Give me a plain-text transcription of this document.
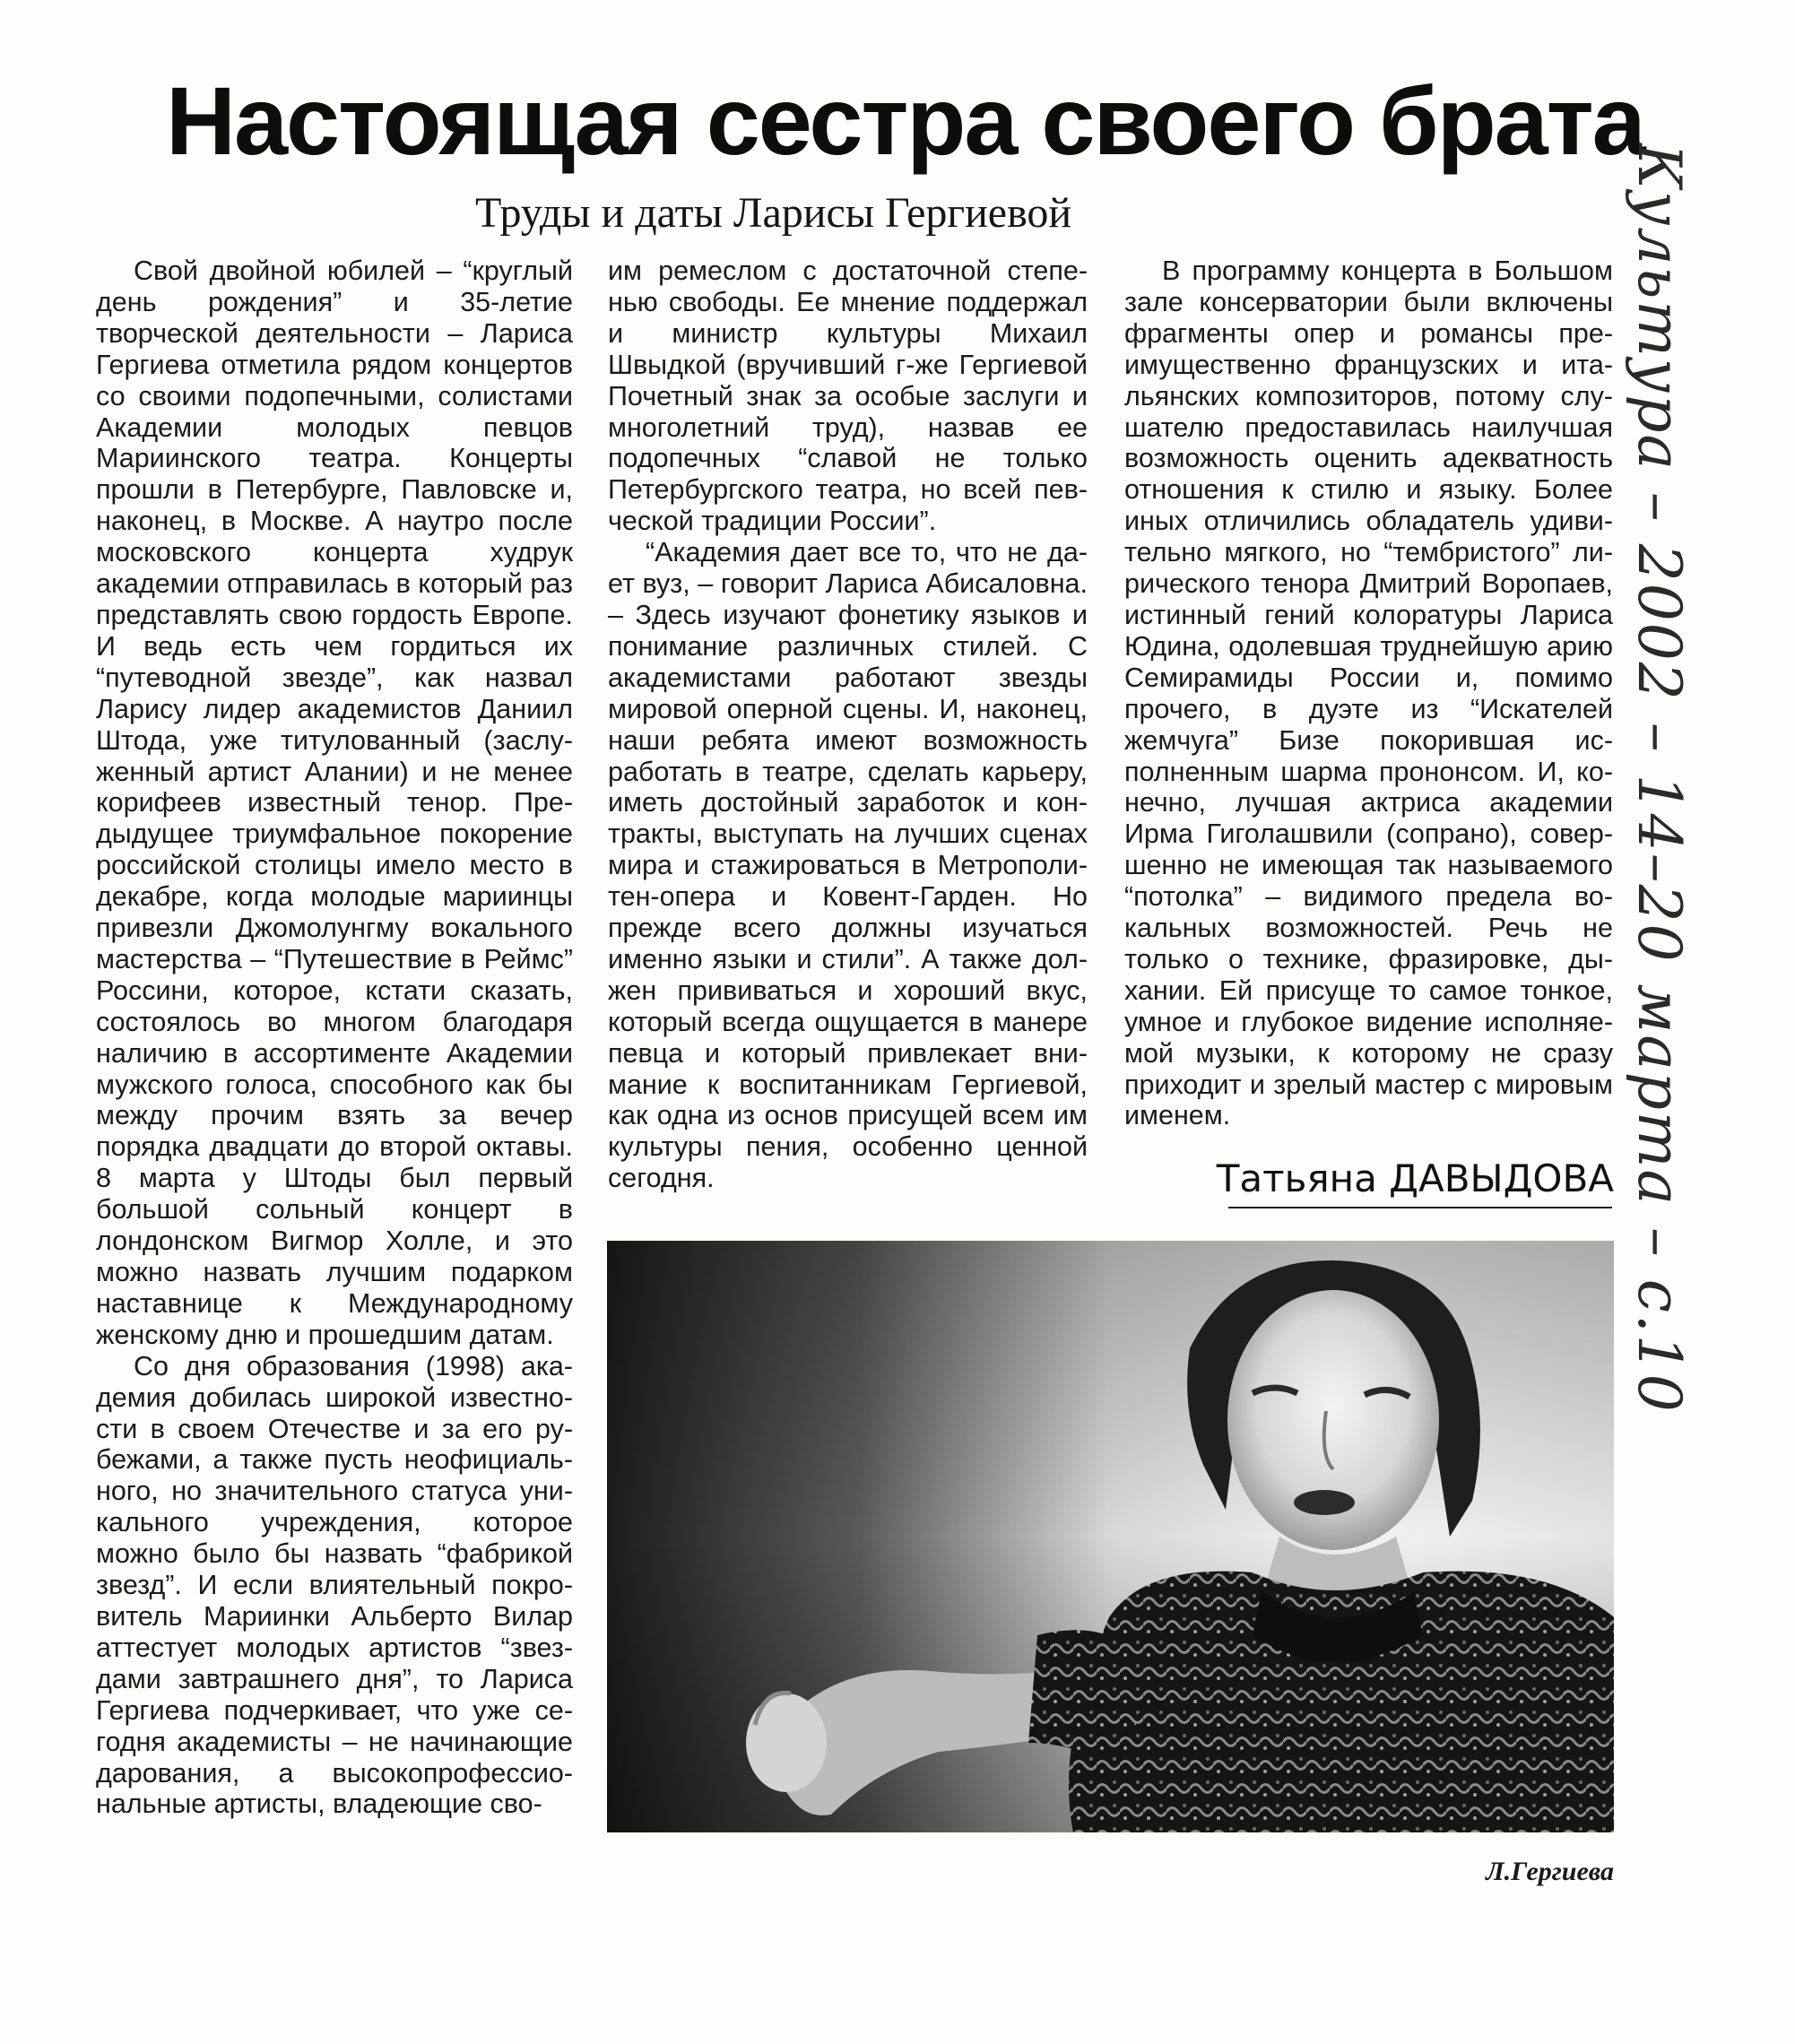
Настоящая сестра своего брата
Труды и даты Ларисы Гергиевой

Свой двойной юбилей – “круглый день рождения” и 35-летие творческой деятельности – Лариса Гергиева отметила рядом концертов со своими подопечными, солистами Академии молодых певцов Мариинского театра. Концерты прошли в Петербурге, Павловске и, наконец, в Москве. А наутро после московского концерта худрук академии отправилась в который раз представлять свою гордость Европе. И ведь есть чем гордиться их “путеводной звезде”, как назвал Ларису лидер академистов Даниил Штода, уже титулованный (заслуженный артист Алании) и не менее корифеев известный тенор. Предыдущее триумфальное покорение российской столицы имело место в декабре, когда молодые мариинцы привезли Джомолунгму вокального мастерства – “Путешествие в Реймс” Россини, которое, кстати сказать, состоялось во многом благодаря наличию в ассортименте Академии мужского голоса, способного как бы между прочим взять за вечер порядка двадцати до второй октавы. 8 марта у Штоды был первый большой сольный концерт в лондонском Вигмор Холле, и это можно назвать лучшим подарком наставнице к Международному женскому дню и прошедшим датам.

Со дня образования (1998) академия добилась широкой известности в своем Отечестве и за его рубежами, а также пусть неофициального, но значительного статуса уникального учреждения, которое можно было бы назвать “фабрикой звезд”. И если влиятельный покровитель Мариинки Альберто Вилар аттестует молодых артистов “звездами завтрашнего дня”, то Лариса Гергиева подчеркивает, что уже сегодня академисты – не начинающие дарования, а высокопрофессиональные артисты, владеющие сво-

им ремеслом с достаточной степенью свободы. Ее мнение поддержал и министр культуры Михаил Швыдкой (вручивший г-же Гергиевой Почетный знак за особые заслуги и многолетний труд), назвав ее подопечных “славой не только Петербургского театра, но всей певческой традиции России”.

“Академия дает все то, что не дает вуз, – говорит Лариса Абисаловна. – Здесь изучают фонетику языков и понимание различных стилей. С академистами работают звезды мировой оперной сцены. И, наконец, наши ребята имеют возможность работать в театре, сделать карьеру, иметь достойный заработок и контракты, выступать на лучших сценах мира и стажироваться в Метрополитен-опера и Ковент-Гарден. Но прежде всего должны изучаться именно языки и стили”. А также должен прививаться и хороший вкус, который всегда ощущается в манере певца и который привлекает внимание к воспитанникам Гергиевой, как одна из основ присущей всем им культуры пения, особенно ценной сегодня.

В программу концерта в Большом зале консерватории были включены фрагменты опер и романсы преимущественно французских и итальянских композиторов, потому слушателю предоставилась наилучшая возможность оценить адекватность отношения к стилю и языку. Более иных отличились обладатель удивительно мягкого, но “тембристого” лирического тенора Дмитрий Воропаев, истинный гений колоратуры Лариса Юдина, одолевшая труднейшую арию Семирамиды России и, помимо прочего, в дуэте из “Искателей жемчуга” Бизе покорившая исполненным шарма прононсом. И, конечно, лучшая актриса академии Ирма Гиголашвили (сопрано), совершенно не имеющая так называемого “потолка” – видимого предела вокальных возможностей. Речь не только о технике, фразировке, дыхании. Ей присуще то самое тонкое, умное и глубокое видение исполняемой музыки, к которому не сразу приходит и зрелый мастер с мировым именем.

Татьяна ДАВЫДОВА
Л.Гергиева
Культура – 2002 – 14–20 марта – с.10
